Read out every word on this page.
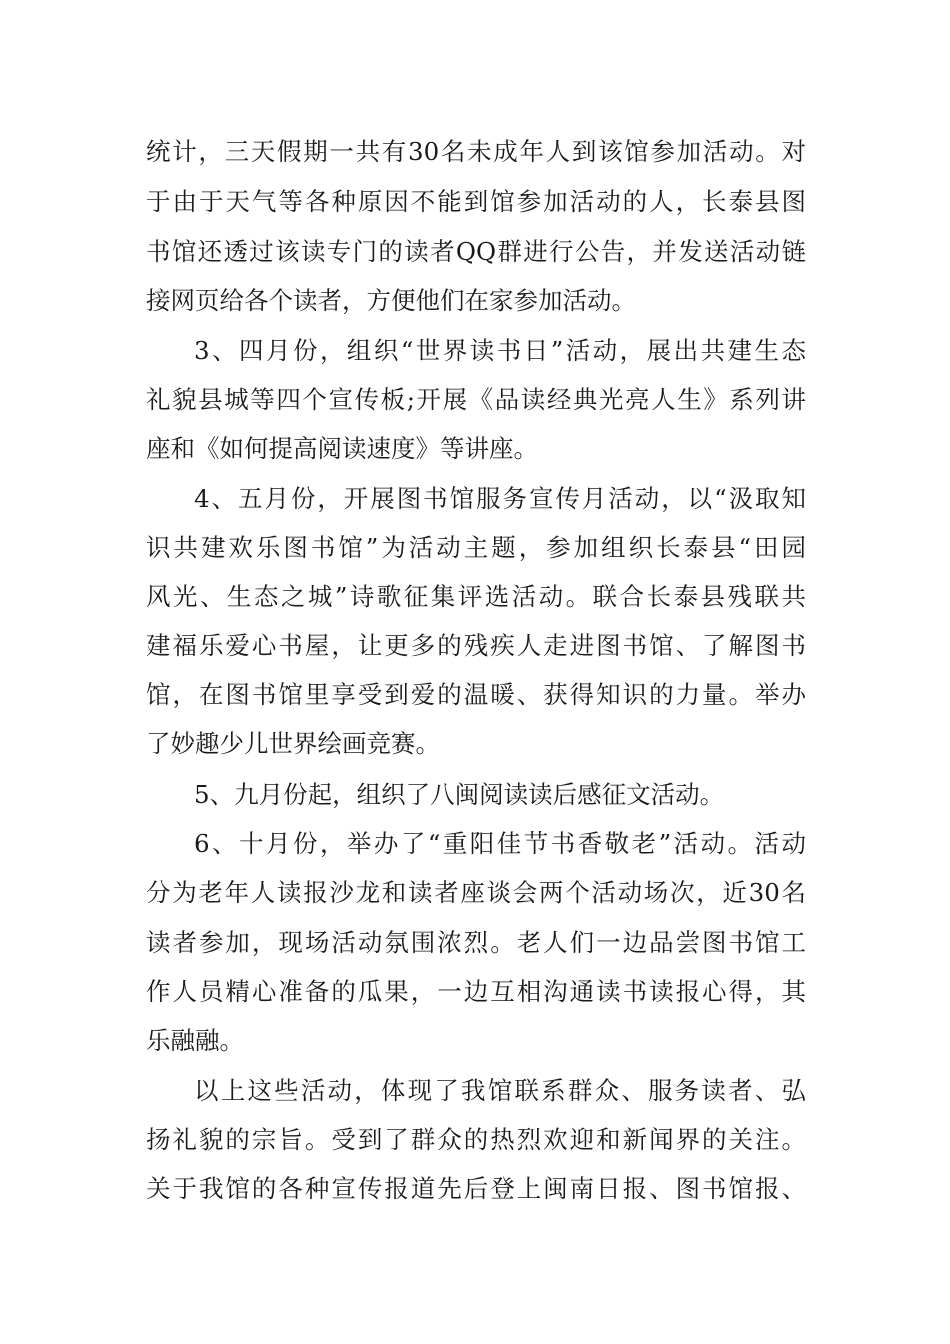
统计，三天假期一共有30名未成年人到该馆参加活动。对
于由于天气等各种原因不能到馆参加活动的人，长泰县图
书馆还透过该读专门的读者QQ群进行公告，并发送活动链
接网页给各个读者，方便他们在家参加活动。
3、四月份，组织“世界读书日”活动，展出共建生态
礼貌县城等四个宣传板;开展《品读经典光亮人生》系列讲
座和《如何提高阅读速度》等讲座。
4、五月份，开展图书馆服务宣传月活动，以“汲取知
识共建欢乐图书馆”为活动主题，参加组织长泰县“田园
风光、生态之城”诗歌征集评选活动。联合长泰县残联共
建福乐爱心书屋，让更多的残疾人走进图书馆、了解图书
馆，在图书馆里享受到爱的温暖、获得知识的力量。举办
了妙趣少儿世界绘画竞赛。
5、九月份起，组织了八闽阅读读后感征文活动。
6、十月份，举办了“重阳佳节书香敬老”活动。活动
分为老年人读报沙龙和读者座谈会两个活动场次，近30名
读者参加，现场活动氛围浓烈。老人们一边品尝图书馆工
作人员精心准备的瓜果，一边互相沟通读书读报心得，其
乐融融。
以上这些活动，体现了我馆联系群众、服务读者、弘
扬礼貌的宗旨。受到了群众的热烈欢迎和新闻界的关注。
关于我馆的各种宣传报道先后登上闽南日报、图书馆报、
